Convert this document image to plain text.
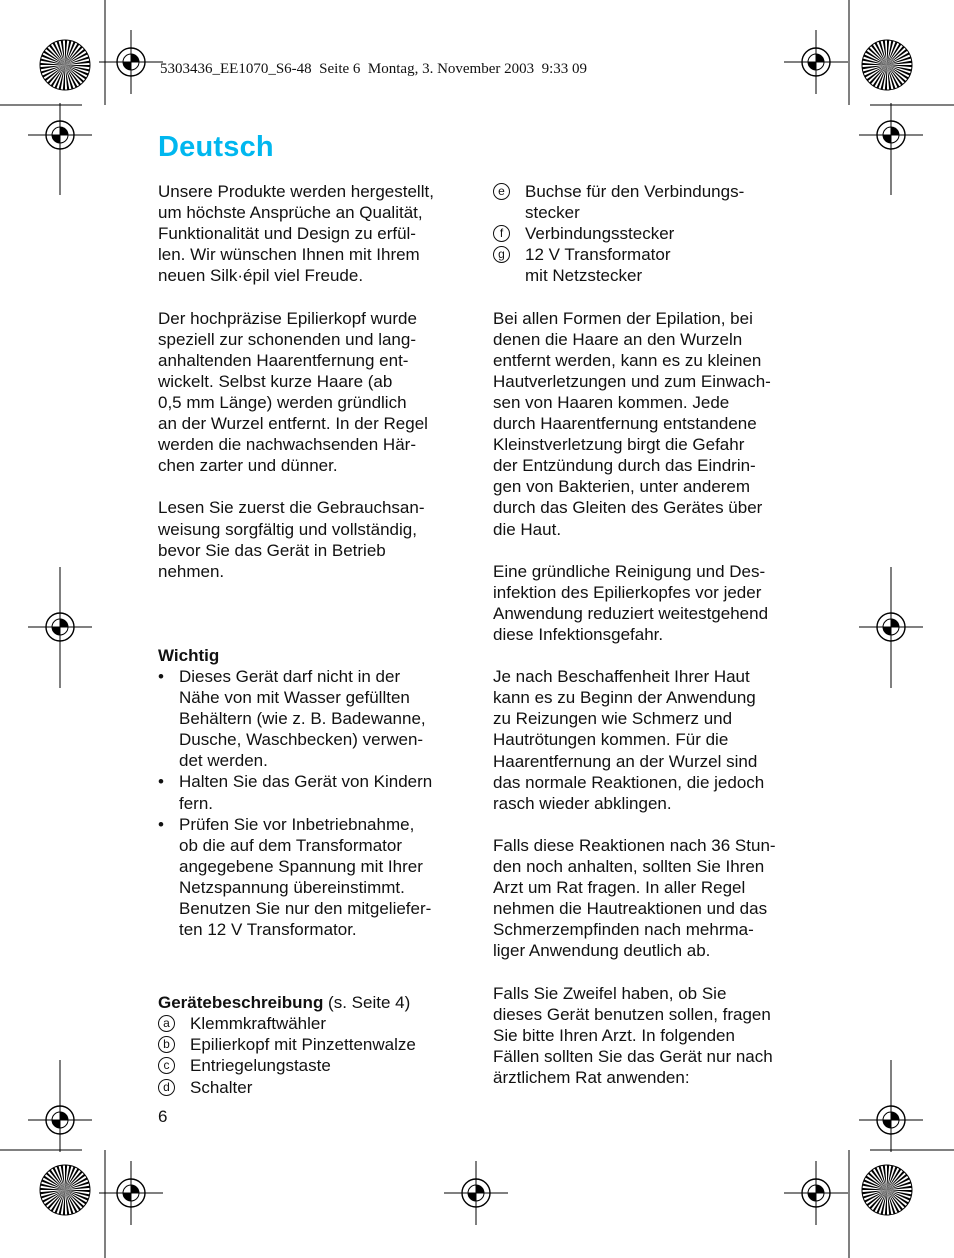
5303436_EE1070_S6-48  Seite 6  Montag, 3. November 2003  9:33 09
Deutsch

Unsere Produkte werden hergestellt,
um höchste Ansprüche an Qualität,
Funktionalität und Design zu erfül-
len. Wir wünschen Ihnen mit Ihrem
neuen Silk·épil viel Freude.

Der hochpräzise Epilierkopf wurde
speziell zur schonenden und lang-
anhaltenden Haarentfernung ent-
wickelt. Selbst kurze Haare (ab
0,5 mm Länge) werden gründlich
an der Wurzel entfernt. In der Regel
werden die nachwachsenden Här-
chen zarter und dünner.

Lesen Sie zuerst die Gebrauchsan-
weisung sorgfältig und vollständig,
bevor Sie das Gerät in Betrieb
nehmen.

Wichtig
• Dieses Gerät darf nicht in der
Nähe von mit Wasser gefüllten
Behältern (wie z. B. Badewanne,
Dusche, Waschbecken) verwen-
det werden.
• Halten Sie das Gerät von Kindern
fern.
• Prüfen Sie vor Inbetriebnahme,
ob die auf dem Transformator
angegebene Spannung mit Ihrer
Netzspannung übereinstimmt.
Benutzen Sie nur den mitgeliefer-
ten 12 V Transformator.
Gerätebeschreibung (s. Seite 4)
a	Klemmkraftwähler
b	Epilierkopf mit Pinzettenwalze
c	Entriegelungstaste
d	Schalter
e	Buchse für den Verbindungs-
stecker
f	Verbindungsstecker
g	12 V Transformator
mit Netzstecker

Bei allen Formen der Epilation, bei
denen die Haare an den Wurzeln
entfernt werden, kann es zu kleinen
Hautverletzungen und zum Einwach-
sen von Haaren kommen. Jede
durch Haarentfernung entstandene
Kleinstverletzung birgt die Gefahr
der Entzündung durch das Eindrin-
gen von Bakterien, unter anderem
durch das Gleiten des Gerätes über
die Haut.

Eine gründliche Reinigung und Des-
infektion des Epilierkopfes vor jeder
Anwendung reduziert weitestgehend
diese Infektionsgefahr.

Je nach Beschaffenheit Ihrer Haut
kann es zu Beginn der Anwendung
zu Reizungen wie Schmerz und
Hautrötungen kommen. Für die
Haarentfernung an der Wurzel sind
das normale Reaktionen, die jedoch
rasch wieder abklingen.

Falls diese Reaktionen nach 36 Stun-
den noch anhalten, sollten Sie Ihren
Arzt um Rat fragen. In aller Regel
nehmen die Hautreaktionen und das
Schmerzempfinden nach mehrma-
liger Anwendung deutlich ab.

Falls Sie Zweifel haben, ob Sie
dieses Gerät benutzen sollen, fragen
Sie bitte Ihren Arzt. In folgenden
Fällen sollten Sie das Gerät nur nach
ärztlichem Rat anwenden:

6
